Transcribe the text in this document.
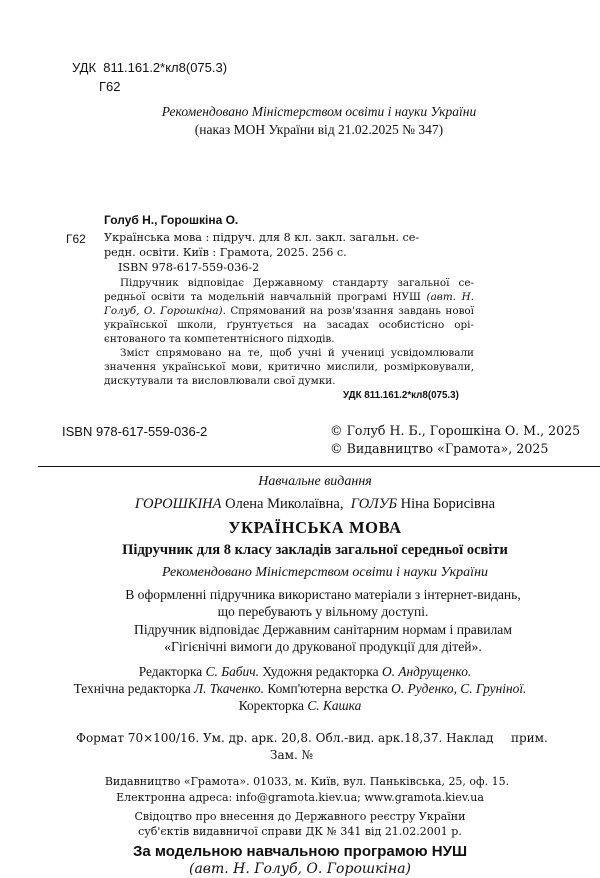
УДК 811.161.2*кл8(075.3)
Г62
Рекомендовано Міністерством освіти і науки України
(наказ МОН України від 21.02.2025 № 347)
Голуб Н., Горошкіна О.
Г62 Українська мова : підруч. для 8 кл. закл. загальн. се-
редн. освіти. Київ : Грамота, 2025. 256 с.
ISBN 978-617-559-036-2

Підручник відповідає Державному стандарту загальної се-редньої освіти та модельній навчальній програмі НУШ (авт. Н. Голуб, О. Горошкіна). Спрямований на розв'язання завдань нової української школи, ґрунтується на засадах особистісно орі-єнтованого та компетентнісного підходів.

Зміст спрямовано на те, щоб учні й учениці усвідомлювали значення української мови, критично мислили, розмірковували, дискутували та висловлювали свої думки.

УДК 811.161.2*кл8(075.3)
ISBN 978-617-559-036-2	© Голуб Н. Б., Горошкіна О. М., 2025
© Видавництво «Грамота», 2025
Навчальне видання
ГОРОШКІНА Олена Миколаївна, ГОЛУБ Ніна Борисівна
УКРАЇНСЬКА МОВА
Підручник для 8 класу закладів загальної середньої освіти
Рекомендовано Міністерством освіти і науки України
В оформленні підручника використано матеріали з інтернет-видань,
що перебувають у вільному доступі.
Підручник відповідає Державним санітарним нормам і правилам
«Гігієнічні вимоги до друкованої продукції для дітей».
Редакторка С. Бабич. Художня редакторка О. Андрущенко.
Технічна редакторка Л. Ткаченко. Комп'ютерна верстка О. Руденко, С. Груніної.
Коректорка С. Кашка
Формат 70×100/16. Ум. др. арк. 20,8. Обл.-вид. арк.18,37. Наклад прим.
Зам. №
Видавництво «Грамота». 01033, м. Київ, вул. Паньківська, 25, оф. 15.
Електронна адреса: info@gramota.kiev.ua; www.gramota.kiev.ua
Свідоцтво про внесення до Державного реєстру України
суб'єктів видавничої справи ДК № 341 від 21.02.2001 р.
За модельною навчальною програмою НУШ
(авт. Н. Голуб, О. Горошкіна)
